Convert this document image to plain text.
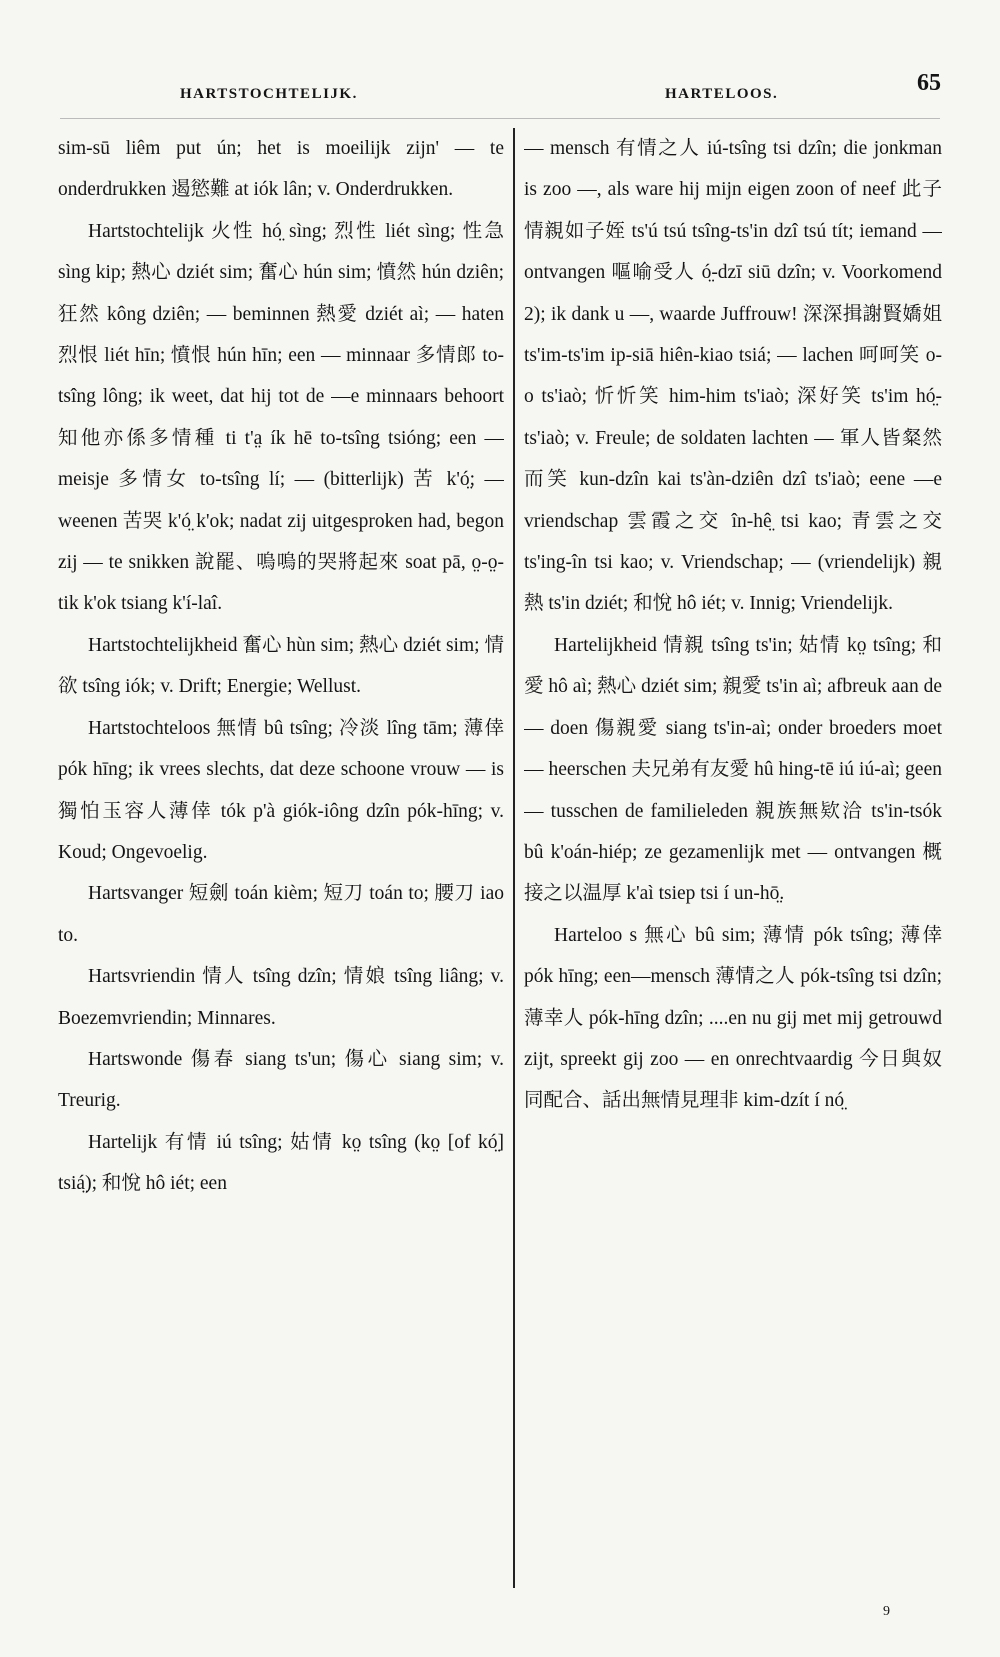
HARTSTOCHTELIJK.	HARTELOOS.	65

sim-sū liêm put ún; het is moeilijk zijn' — te onderdrukken 遏慾難 at iók lân; v. Onderdrukken.

Hartstochtelijk 火性 hó̤ sìng; 烈性 liét sìng; 性急 sìng kip; 熱心 dziét sim; 奮心 hún sim; 憤然 hún dziên; 狂然 kông dziên; — beminnen 熱愛 dziét aì; — haten 烈恨 liét hīn; 憤恨 hún hīn; een — minnaar 多情郎 to-tsîng lông; ik weet, dat hij tot de —e minnaars behoort 知他亦係多情種 ti t'a̤ ík hē to-tsîng tsióng; een — meisje 多情女 to-tsîng lí; — (bitterlijk) 苦 k'ó̤; — weenen 苦哭 k'ó̤ k'ok; nadat zij uitgesproken had, begon zij — te snikken 說罷、嗚嗚的哭將起來 soat pā, o̤-o̤-tik k'ok tsiang k'í-laî.

Hartstochtelijkheid 奮心 hùn sim; 熱心 dziét sim; 情欲 tsîng iók; v. Drift; Energie; Wellust.

Hartstochteloos 無情 bû tsîng; 冷淡 lîng tām; 薄倖 pók hīng; ik vrees slechts, dat deze schoone vrouw — is 獨怕玉容人薄倖 tók p'à giók-iông dzîn pók-hīng; v. Koud; Ongevoelig.

Hartsvanger 短劍 toán kièm; 短刀 toán to; 腰刀 iao to.

Hartsvriendin 情人 tsîng dzîn; 情娘 tsîng liâng; v. Boezemvriendin; Minnares.

Hartswonde 傷春 siang ts'un; 傷心 siang sim; v. Treurig.

Hartelijk 有情 iú tsîng; 姑情 ko̤ tsîng (ko̤ [of kó̤] tsiá̤); 和悅 hô iét; een

— mensch 有情之人 iú-tsîng tsi dzîn; die jonkman is zoo —, als ware hij mijn eigen zoon of neef 此子情親如子姪 ts'ú tsú tsîng-ts'in dzî tsú tít; iemand — ontvangen 嘔喻受人 ó̤-dzī siū dzîn; v. Voorkomend 2); ik dank u —, waarde Juffrouw! 深深揖謝賢嬌姐 ts'im-ts'im ip-siā hiên-kiao tsiá; — lachen 呵呵笑 o-o ts'iaò; 忻忻笑 him-him ts'iaò; 深好笑 ts'im hó̤-ts'iaò; v. Freule; de soldaten lachten — 軍人皆粲然而笑 kun-dzîn kai ts'àn-dziên dzî ts'iaò; eene —e vriendschap 雲霞之交 în-hê̤ tsi kao; 青雲之交 ts'ing-în tsi kao; v. Vriendschap; — (vriendelijk) 親熱 ts'in dziét; 和悅 hô iét; v. Innig; Vriendelijk.

Hartelijkheid 情親 tsîng ts'in; 姑情 ko̤ tsîng; 和愛 hô aì; 熱心 dziét sim; 親愛 ts'in aì; afbreuk aan de — doen 傷親愛 siang ts'in-aì; onder broeders moet — heerschen 夫兄弟有友愛 hû hing-tē iú iú-aì; geen — tusschen de familieleden 親族無欵洽 ts'in-tsók bû k'oán-hiép; ze gezamenlijk met — ontvangen 概接之以温厚 k'aì tsiep tsi í un-hō̤.

Harteloo s 無心 bû sim; 薄情 pók tsîng; 薄倖 pók hīng; een—mensch 薄情之人 pók-tsîng tsi dzîn; 薄幸人 pók-hīng dzîn; ....en nu gij met mij getrouwd zijt, spreekt gij zoo — en onrechtvaardig 今日與奴同配合、話出無情見理非 kim-dzít í nó̤

9
